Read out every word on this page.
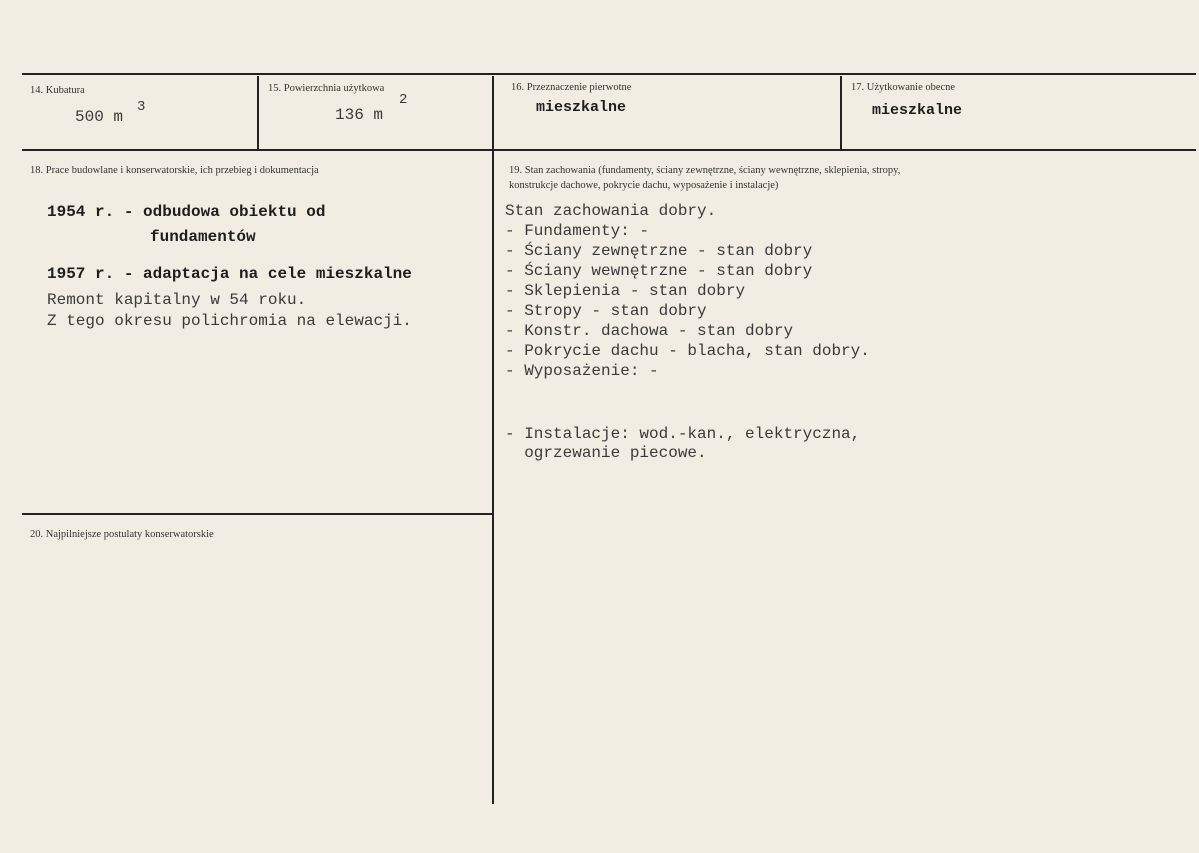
14. Kubatura
500 m
3
15. Powierzchnia użytkowa
136 m
2
16. Przeznaczenie pierwotne
mieszkalne
17. Użytkowanie obecne
mieszkalne
18. Prace budowlane i konserwatorskie, ich przebieg i dokumentacja
1954 r. - odbudowa obiektu od
fundamentów
1957 r. - adaptacja na cele mieszkalne
Remont kapitalny w 54 roku.
Z tego okresu polichromia na elewacji.
19. Stan zachowania (fundamenty, ściany zewnętrzne, ściany wewnętrzne, sklepienia, stropy,
konstrukcje dachowe, pokrycie dachu, wyposażenie i instalacje)
Stan zachowania dobry.
- Fundamenty: -
- Ściany zewnętrzne - stan dobry
- Ściany wewnętrzne - stan dobry
- Sklepienia - stan dobry
- Stropy - stan dobry
- Konstr. dachowa - stan dobry
- Pokrycie dachu - blacha, stan dobry.
- Wyposażenie: -
- Instalacje: wod.-kan., elektryczna,
ogrzewanie piecowe.
20. Najpilniejsze postulaty konserwatorskie
